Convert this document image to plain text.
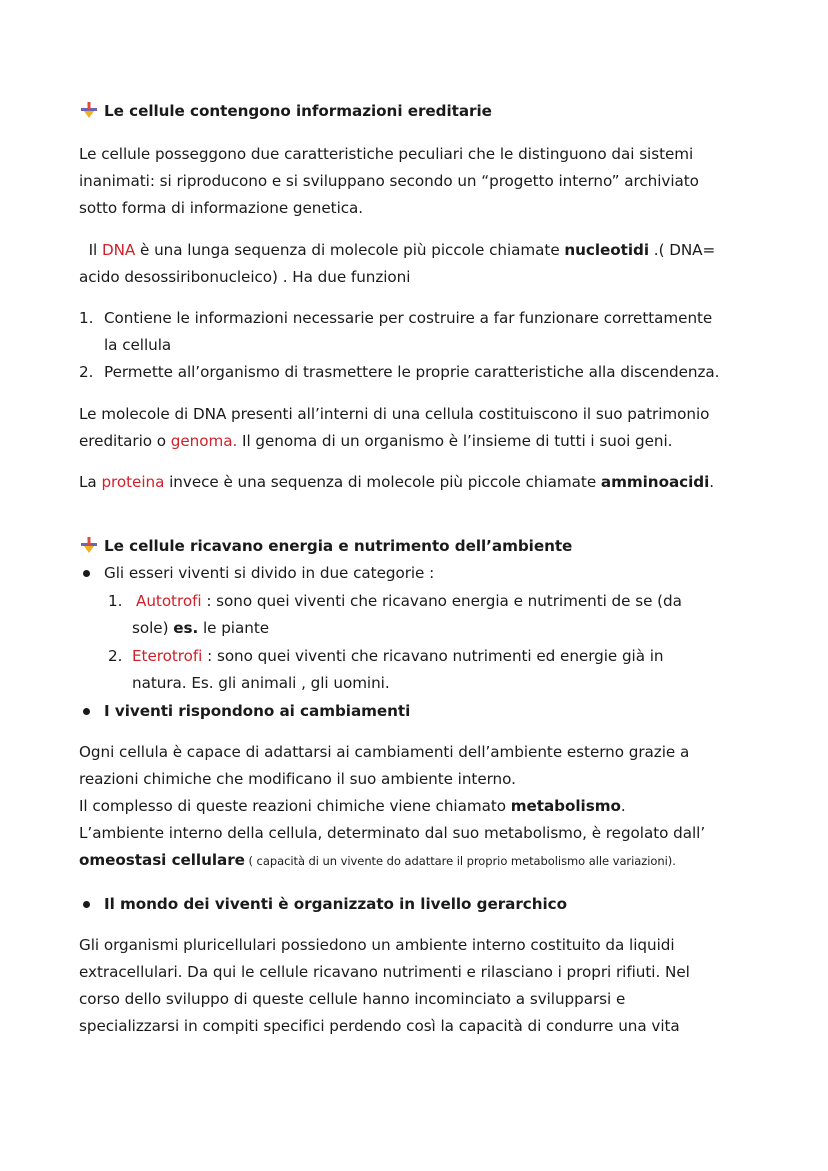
Le cellule contengono informazioni ereditarie
Le cellule posseggono due caratteristiche peculiari che le distinguono dai sistemi
inanimati: si riproducono e si sviluppano secondo un “progetto interno” archiviato
sotto forma di informazione genetica.
Il DNA è una lunga sequenza di molecole più piccole chiamate nucleotidi .( DNA=
acido desossiribonucleico) . Ha due funzioni
1. Contiene le informazioni necessarie per costruire a far funzionare correttamente
la cellula
2. Permette all’organismo di trasmettere le proprie caratteristiche alla discendenza.
Le molecole di DNA presenti all’interni di una cellula costituiscono il suo patrimonio
ereditario o genoma. Il genoma di un organismo è l’insieme di tutti i suoi geni.
La proteina invece è una sequenza di molecole più piccole chiamate amminoacidi.
Le cellule ricavano energia e nutrimento dell’ambiente
Gli esseri viventi si divido in due categorie :
1. Autotrofi : sono quei viventi che ricavano energia e nutrimenti de se (da
sole) es. le piante
2. Eterotrofi : sono quei viventi che ricavano nutrimenti ed energie già in
natura. Es. gli animali , gli uomini.
I viventi rispondono ai cambiamenti
Ogni cellula è capace di adattarsi ai cambiamenti dell’ambiente esterno grazie a
reazioni chimiche che modificano il suo ambiente interno.
Il complesso di queste reazioni chimiche viene chiamato metabolismo.
L’ambiente interno della cellula, determinato dal suo metabolismo, è regolato dall’
omeostasi cellulare ( capacità di un vivente do adattare il proprio metabolismo alle variazioni).
Il mondo dei viventi è organizzato in livello gerarchico
Gli organismi pluricellulari possiedono un ambiente interno costituito da liquidi
extracellulari. Da qui le cellule ricavano nutrimenti e rilasciano i propri rifiuti. Nel
corso dello sviluppo di queste cellule hanno incominciato a svilupparsi e
specializzarsi in compiti specifici perdendo così la capacità di condurre una vita
